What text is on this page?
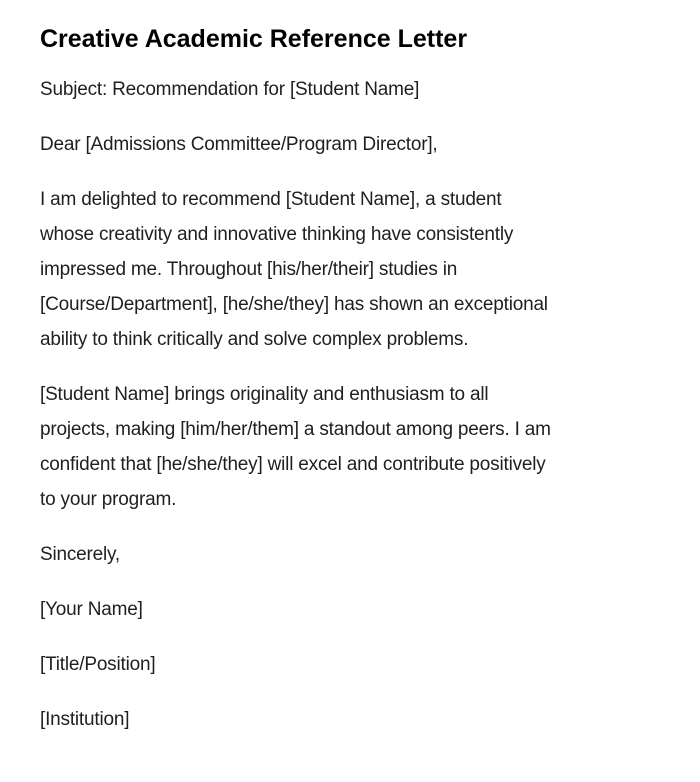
Creative Academic Reference Letter
Subject: Recommendation for [Student Name]
Dear [Admissions Committee/Program Director],
I am delighted to recommend [Student Name], a student
whose creativity and innovative thinking have consistently
impressed me. Throughout [his/her/their] studies in
[Course/Department], [he/she/they] has shown an exceptional
ability to think critically and solve complex problems.
[Student Name] brings originality and enthusiasm to all
projects, making [him/her/them] a standout among peers. I am
confident that [he/she/they] will excel and contribute positively
to your program.
Sincerely,
[Your Name]
[Title/Position]
[Institution]
